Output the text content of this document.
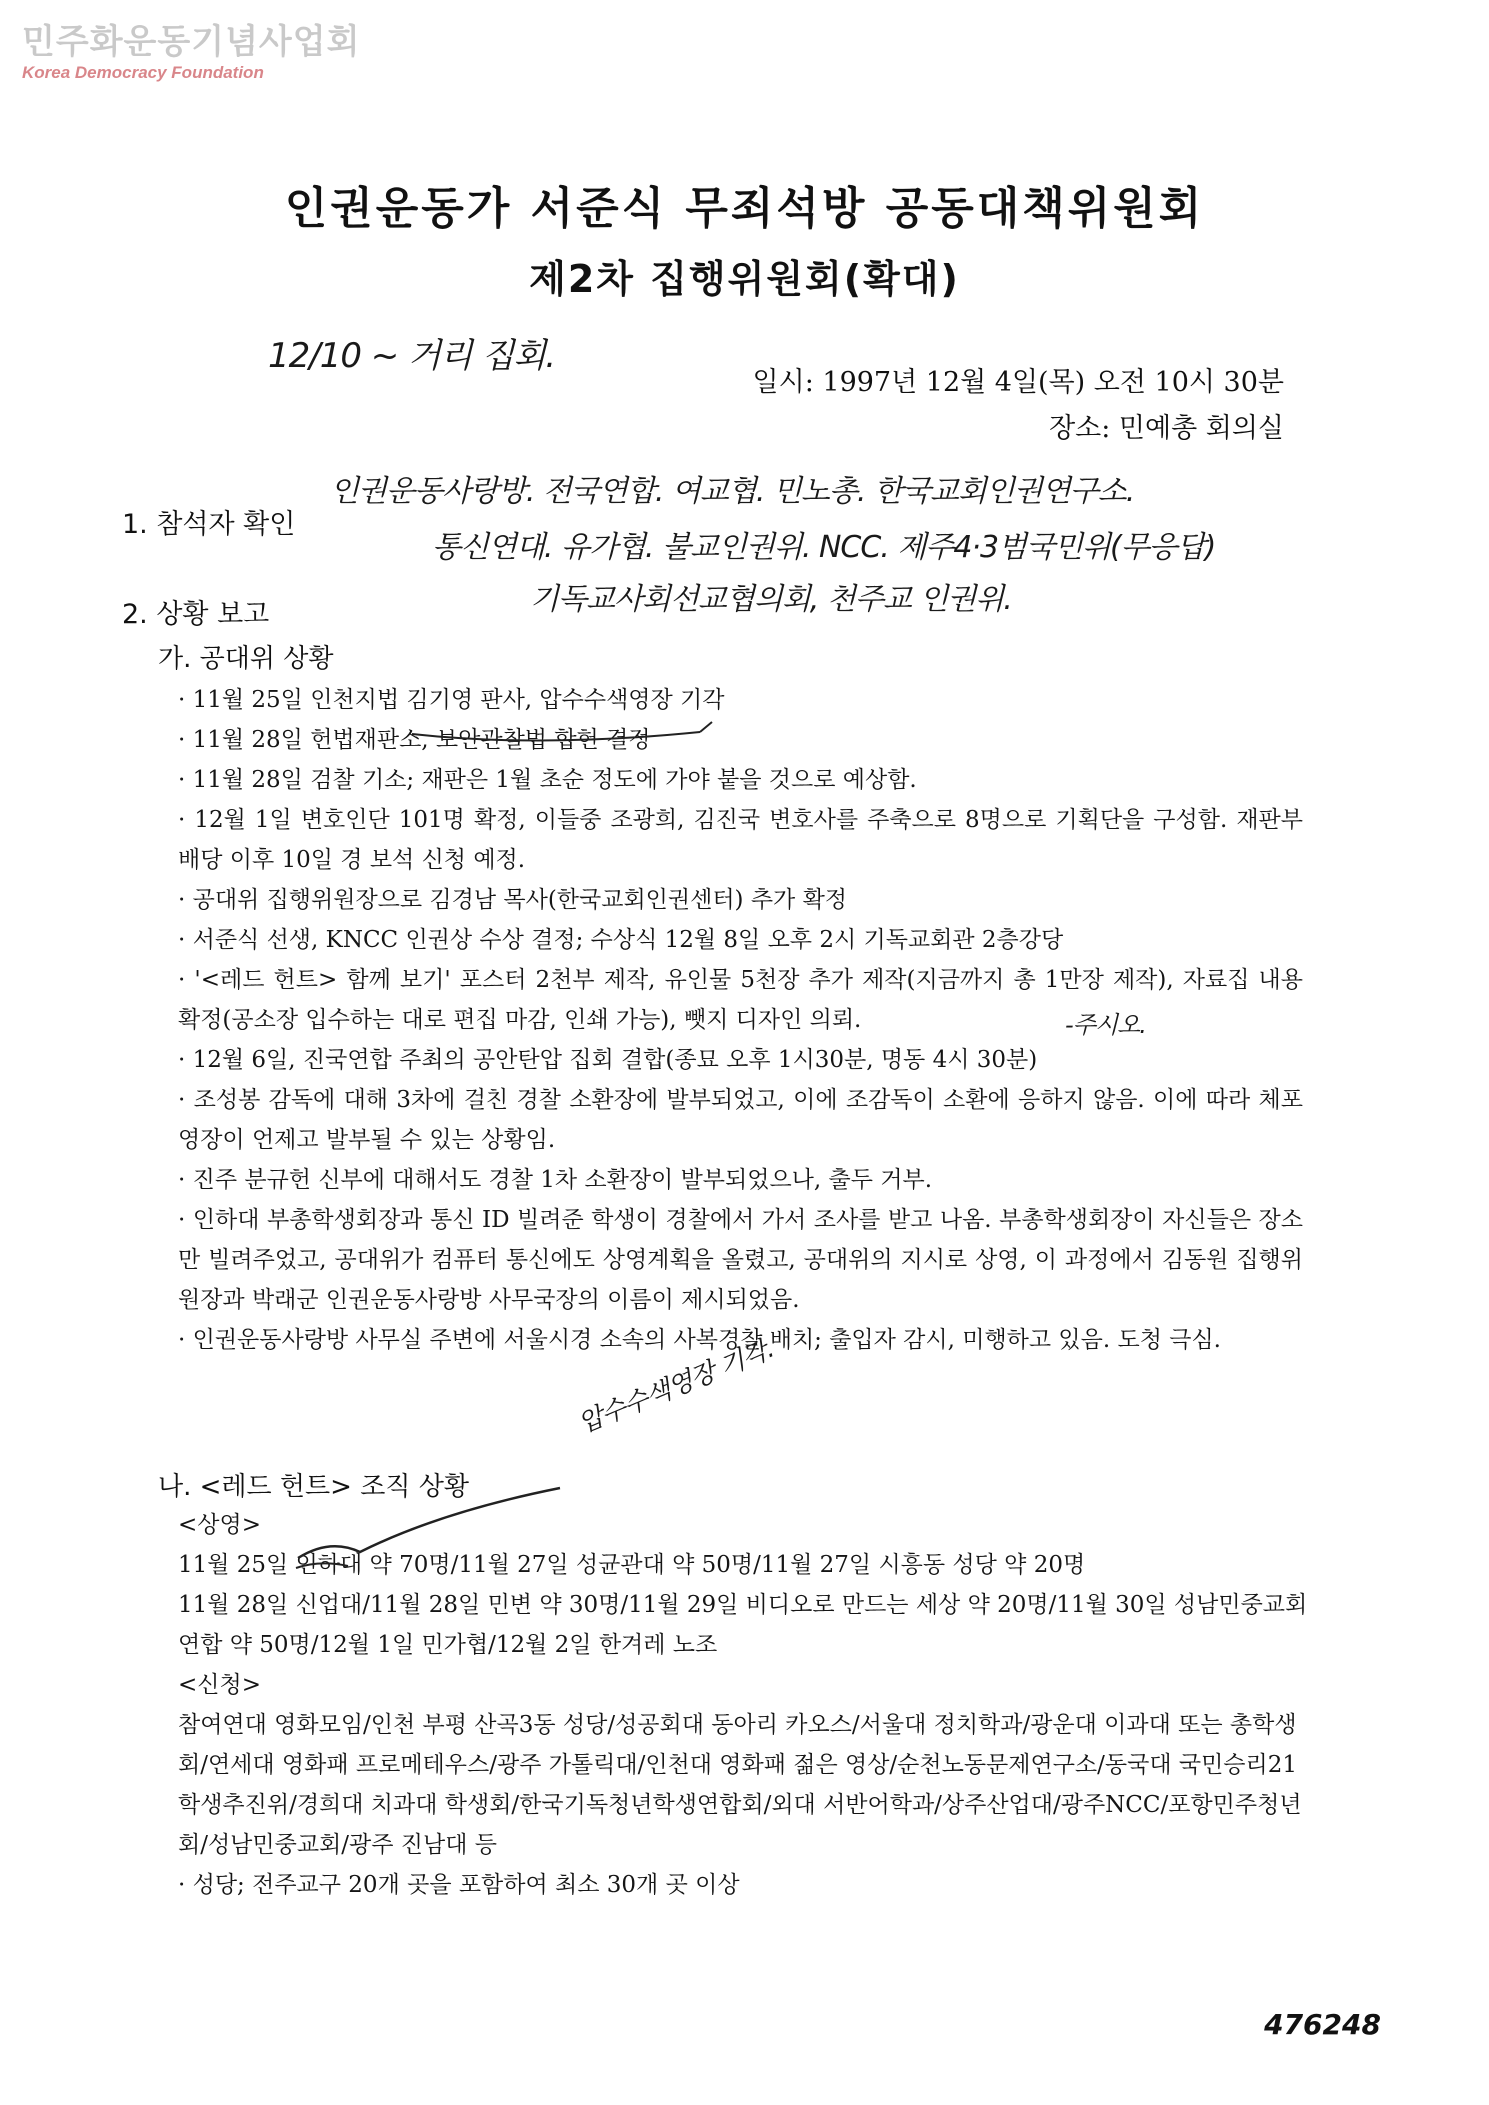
민주화운동기념사업회
Korea Democracy Foundation
인권운동가 서준식 무죄석방 공동대책위원회
제2차 집행위원회(확대)
12/10 ~ 거리 집회.
일시: 1997년 12월 4일(목) 오전 10시 30분
장소: 민예총 회의실
1. 참석자 확인
인권운동사랑방. 전국연합. 여교협. 민노총. 한국교회인권연구소.
통신연대. 유가협. 불교인권위. NCC. 제주4·3범국민위(무응답)
기독교사회선교협의회, 천주교 인권위.
2. 상황 보고
가. 공대위 상황

· 11월 25일 인천지법 김기영 판사, 압수수색영장 기각

· 11월 28일 헌법재판소, 보안관찰법 합헌 결정

· 11월 28일 검찰 기소; 재판은 1월 초순 정도에 가야 붙을 것으로 예상함.

· 12월 1일 변호인단 101명 확정, 이들중 조광희, 김진국 변호사를 주축으로 8명으로 기획단을 구성함. 재판부 배당 이후 10일 경 보석 신청 예정.

· 공대위 집행위원장으로 김경남 목사(한국교회인권센터) 추가 확정

· 서준식 선생, KNCC 인권상 수상 결정; 수상식 12월 8일 오후 2시 기독교회관 2층강당

· '<레드 헌트> 함께 보기' 포스터 2천부 제작, 유인물 5천장 추가 제작(지금까지 총 1만장 제작), 자료집 내용 확정(공소장 입수하는 대로 편집 마감, 인쇄 가능), 뺏지 디자인 의뢰.

· 12월 6일, 진국연합 주최의 공안탄압 집회 결합(종묘 오후 1시30분, 명동 4시 30분)

· 조성봉 감독에 대해 3차에 걸친 경찰 소환장에 발부되었고, 이에 조감독이 소환에 응하지 않음. 이에 따라 체포영장이 언제고 발부될 수 있는 상황임.

· 진주 분규헌 신부에 대해서도 경찰 1차 소환장이 발부되었으나, 출두 거부.

· 인하대 부총학생회장과 통신 ID 빌려준 학생이 경찰에서 가서 조사를 받고 나옴. 부총학생회장이 자신들은 장소만 빌려주었고, 공대위가 컴퓨터 통신에도 상영계획을 올렸고, 공대위의 지시로 상영, 이 과정에서 김동원 집행위원장과 박래군 인권운동사랑방 사무국장의 이름이 제시되었음.

· 인권운동사랑방 사무실 주변에 서울시경 소속의 사복경찰 배치; 출입자 감시, 미행하고 있음. 도청 극심.

-주시오.
나. <레드 헌트> 조직 상황
압수수색영장 기각.

<상영>

11월 25일 인하대 약 70명/11월 27일 성균관대 약 50명/11월 27일 시흥동 성당 약 20명

11월 28일 신업대/11월 28일 민변 약 30명/11월 29일 비디오로 만드는 세상 약 20명/11월 30일 성남민중교회연합 약 50명/12월 1일 민가협/12월 2일 한겨레 노조

<신청>

참여연대 영화모임/인천 부평 산곡3동 성당/성공회대 동아리 카오스/서울대 정치학과/광운대 이과대 또는 총학생회/연세대 영화패 프로메테우스/광주 가톨릭대/인천대 영화패 젊은 영상/순천노동문제연구소/동국대 국민승리21 학생추진위/경희대 치과대 학생회/한국기독청년학생연합회/외대 서반어학과/상주산업대/광주NCC/포항민주청년회/성남민중교회/광주 진남대 등

· 성당; 전주교구 20개 곳을 포함하여 최소 30개 곳 이상

476248
